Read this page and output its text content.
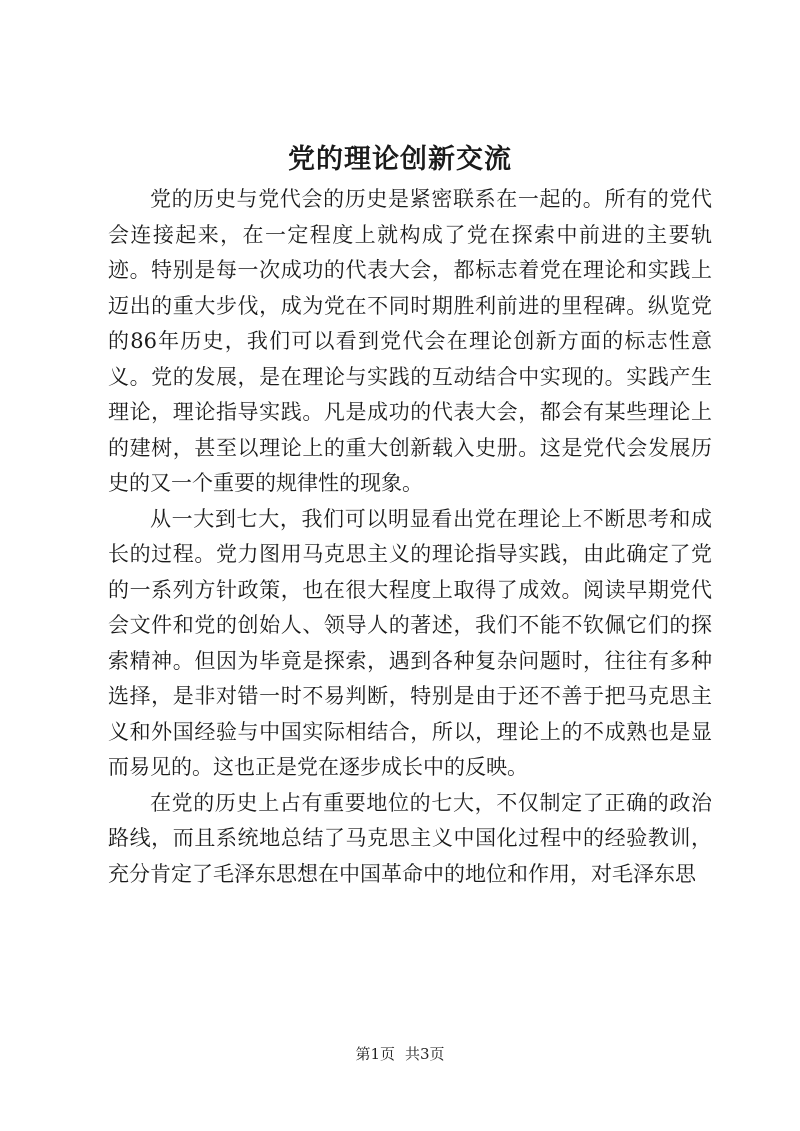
党的理论创新交流

党的历史与党代会的历史是紧密联系在一起的。所有的党代会连接起来，在一定程度上就构成了党在探索中前进的主要轨迹。特别是每一次成功的代表大会，都标志着党在理论和实践上迈出的重大步伐，成为党在不同时期胜利前进的里程碑。纵览党的86年历史，我们可以看到党代会在理论创新方面的标志性意义。党的发展，是在理论与实践的互动结合中实现的。实践产生理论，理论指导实践。凡是成功的代表大会，都会有某些理论上的建树，甚至以理论上的重大创新载入史册。这是党代会发展历史的又一个重要的规律性的现象。

从一大到七大，我们可以明显看出党在理论上不断思考和成长的过程。党力图用马克思主义的理论指导实践，由此确定了党的一系列方针政策，也在很大程度上取得了成效。阅读早期党代会文件和党的创始人、领导人的著述，我们不能不钦佩它们的探索精神。但因为毕竟是探索，遇到各种复杂问题时，往往有多种选择，是非对错一时不易判断，特别是由于还不善于把马克思主义和外国经验与中国实际相结合，所以，理论上的不成熟也是显而易见的。这也正是党在逐步成长中的反映。

在党的历史上占有重要地位的七大，不仅制定了正确的政治路线，而且系统地总结了马克思主义中国化过程中的经验教训，充分肯定了毛泽东思想在中国革命中的地位和作用，对毛泽东思

第1页 共3页
